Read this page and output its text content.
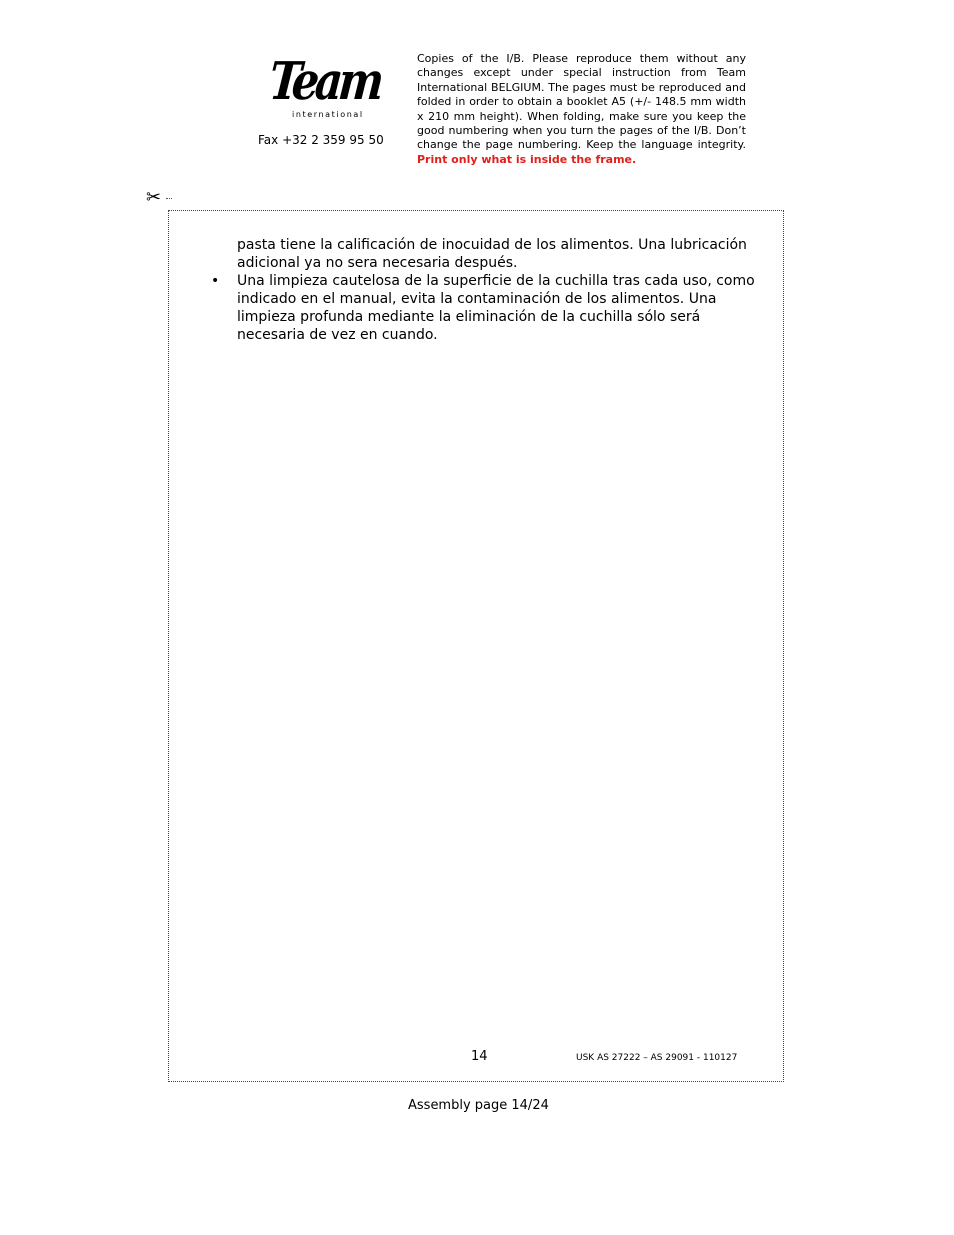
Team
international
Fax +32 2 359 95 50
Copies of the I/B. Please reproduce them without any changes except under special instruction from Team International BELGIUM. The pages must be reproduced and folded in order to obtain a booklet A5 (+/- 148.5 mm width x 210 mm height). When folding, make sure you keep the good numbering when you turn the pages of the I/B. Don’t change the page numbering. Keep the language integrity. Print only what is inside the frame.
✂

pasta tiene la calificación de inocuidad de los alimentos. Una lubricación adicional ya no sera necesaria después.

Una limpieza cautelosa de la superficie de la cuchilla tras cada uso, como indicado en el manual, evita la contaminación de los alimentos. Una limpieza profunda mediante la eliminación de la cuchilla sólo será necesaria de vez en cuando.

•
14	USK AS 27222 – AS 29091 - 110127
Assembly page 14/24
